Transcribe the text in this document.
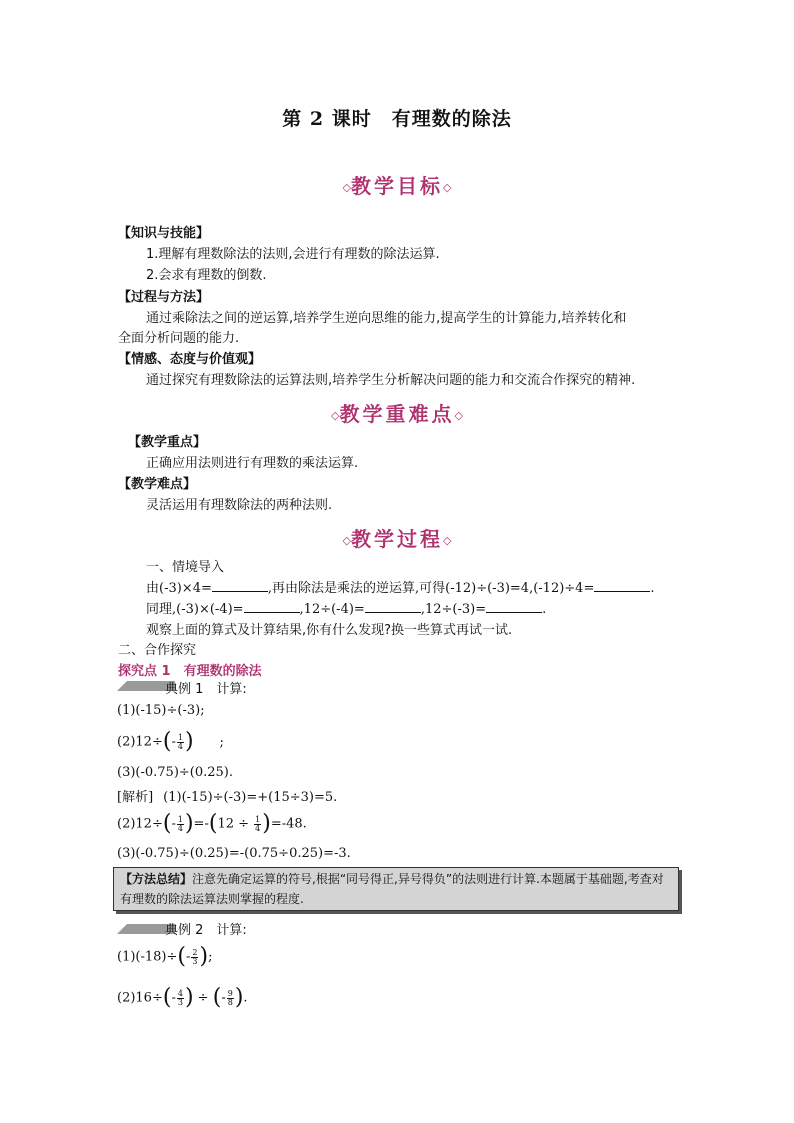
第 2 课时　有理数的除法
◇教学目标◇
【知识与技能】
1.理解有理数除法的法则,会进行有理数的除法运算.
2.会求有理数的倒数.
【过程与方法】
通过乘除法之间的逆运算,培养学生逆向思维的能力,提高学生的计算能力,培养转化和
全面分析问题的能力.
【情感、态度与价值观】
通过探究有理数除法的运算法则,培养学生分析解决问题的能力和交流合作探究的精神.
◇教学重难点◇
【教学重点】
正确应用法则进行有理数的乘法运算.
【教学难点】
灵活运用有理数除法的两种法则.
◇教学过程◇
一、情境导入
由(-3)×4=	,再由除法是乘法的逆运算,可得(-12)÷(-3)=4,(-12)÷4=	.
同理,(-3)×(-4)=	,12÷(-4)=	,12÷(-3)=	.
观察上面的算式及计算结果,你有什么发现?换一些算式再试一试.
二、合作探究
探究点 1　有理数的除法
典例 1　计算:
(1)(-15)÷(-3);
$(2)12\div(- \frac{1}{4}$ ) ;
(3)(-0.75)÷(0.25).
[解析] (1)(-15)÷(-3)=+(15÷3)=5.
$(2)12\div(- \frac{1}{4} )=-(12 \div \frac{1}{4} )=-48$.
(3)(-0.75)÷(0.25)=-(0.75÷0.25)=-3.
【方法总结】注意先确定运算的符号,根据“同号得正,异号得负”的法则进行计算.本题属于基础题,考查对有理数的除法运算法则掌握的程度.
典例 2　计算:
$(1)(-18)\div(- \frac{2}{3}$ );
$(2)16\div(- \frac{4}{3}$ ) ÷ (- $\frac{9}{8}$ ).
